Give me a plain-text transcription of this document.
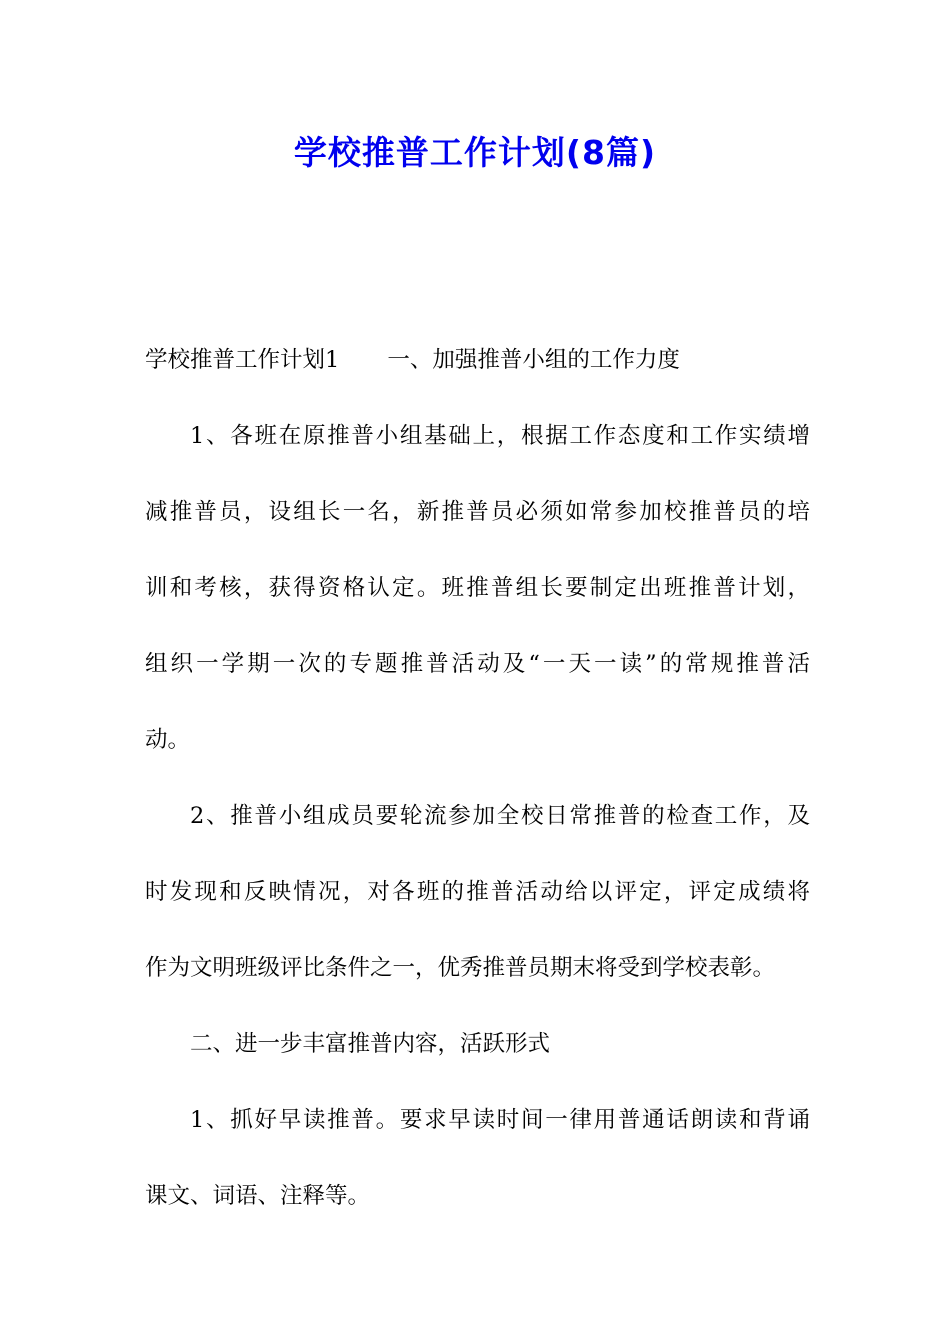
学校推普工作计划(8篇)
学校推普工作计划1 一、加强推普小组的工作力度
1、各班在原推普小组基础上，根据工作态度和工作实绩增
减推普员，设组长一名，新推普员必须如常参加校推普员的培
训和考核，获得资格认定。班推普组长要制定出班推普计划，
组织一学期一次的专题推普活动及“一天一读”的常规推普活
动。
2、推普小组成员要轮流参加全校日常推普的检查工作，及
时发现和反映情况，对各班的推普活动给以评定，评定成绩将
作为文明班级评比条件之一，优秀推普员期末将受到学校表彰。
二、进一步丰富推普内容，活跃形式
1、抓好早读推普。要求早读时间一律用普通话朗读和背诵
课文、词语、注释等。
